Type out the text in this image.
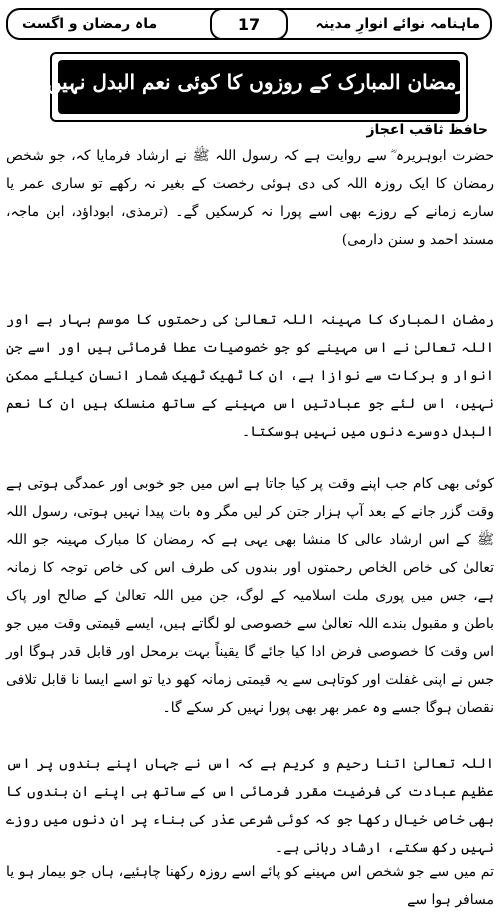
ماہنامہ نوائے انوارِ مدینہ
17
ماہ رمضان و اگست
رمضان المبارک کے روزوں کا کوئی نعم البدل نہیں
حافظ ثاقب اعجاز

حضرت ابوہریرہ ؓ سے روایت ہے کہ رسول اللہ ﷺ نے ارشاد فرمایا کہ، جو شخص رمضان کا ایک روزہ اللہ کی دی ہوئی رخصت کے بغیر نہ رکھے تو ساری عمر یا سارے زمانے کے روزے بھی اسے پورا نہ کرسکیں گے۔ (ترمذی، ابوداؤد، ابن ماجہ، مسند احمد و سنن دارمی)

رمضان المبارک کا مہینہ اللہ تعالیٰ کی رحمتوں کا موسم بہار ہے اور اللہ تعالیٰ نے اس مہینے کو جو خصوصیات عطا فرمائی ہیں اور اسے جن انوار و برکات سے نوازا ہے، ان کا ٹھیک ٹھیک شمار انسان کیلئے ممکن نہیں، اس لئے جو عبادتیں اس مہینے کے ساتھ منسلک ہیں ان کا نعم البدل دوسرے دنوں میں نہیں ہوسکتا۔

کوئی بھی کام جب اپنے وقت پر کیا جاتا ہے اس میں جو خوبی اور عمدگی ہوتی ہے وقت گزر جانے کے بعد آپ ہزار جتن کر لیں مگر وہ بات پیدا نہیں ہوتی، رسول اللہ ﷺ کے اس ارشاد عالی کا منشا بھی یہی ہے کہ رمضان کا مبارک مہینہ جو اللہ تعالیٰ کی خاص الخاص رحمتوں اور بندوں کی طرف اس کی خاص توجہ کا زمانہ ہے، جس میں پوری ملت اسلامیہ کے لوگ، جن میں اللہ تعالیٰ کے صالح اور پاک باطن و مقبول بندے اللہ تعالیٰ سے خصوصی لو لگاتے ہیں، ایسے قیمتی وقت میں جو اس وقت کا خصوصی فرض ادا کیا جائے گا یقیناً بہت برمحل اور قابل قدر ہوگا اور جس نے اپنی غفلت اور کوتاہی سے یہ قیمتی زمانہ کھو دیا تو اسے ایسا نا قابل تلافی نقصان ہوگا جسے وہ عمر بھر بھی پورا نہیں کر سکے گا۔

اللہ تعالیٰ اتنا رحیم و کریم ہے کہ اس نے جہاں اپنے بندوں پر اس عظیم عبادت کی فرضیت مقرر فرمائی اس کے ساتھ ہی اپنے ان بندوں کا بھی خاص خیال رکھا جو کہ کوئی شرعی عذر کی بناء پر ان دنوں میں روزے نہیں رکھ سکتے، ارشاد ربانی ہے۔

تم میں سے جو شخص اس مہینے کو پائے اسے روزہ رکھنا چاہئیے، ہاں جو بیمار ہو یا مسافر ہوا سے
